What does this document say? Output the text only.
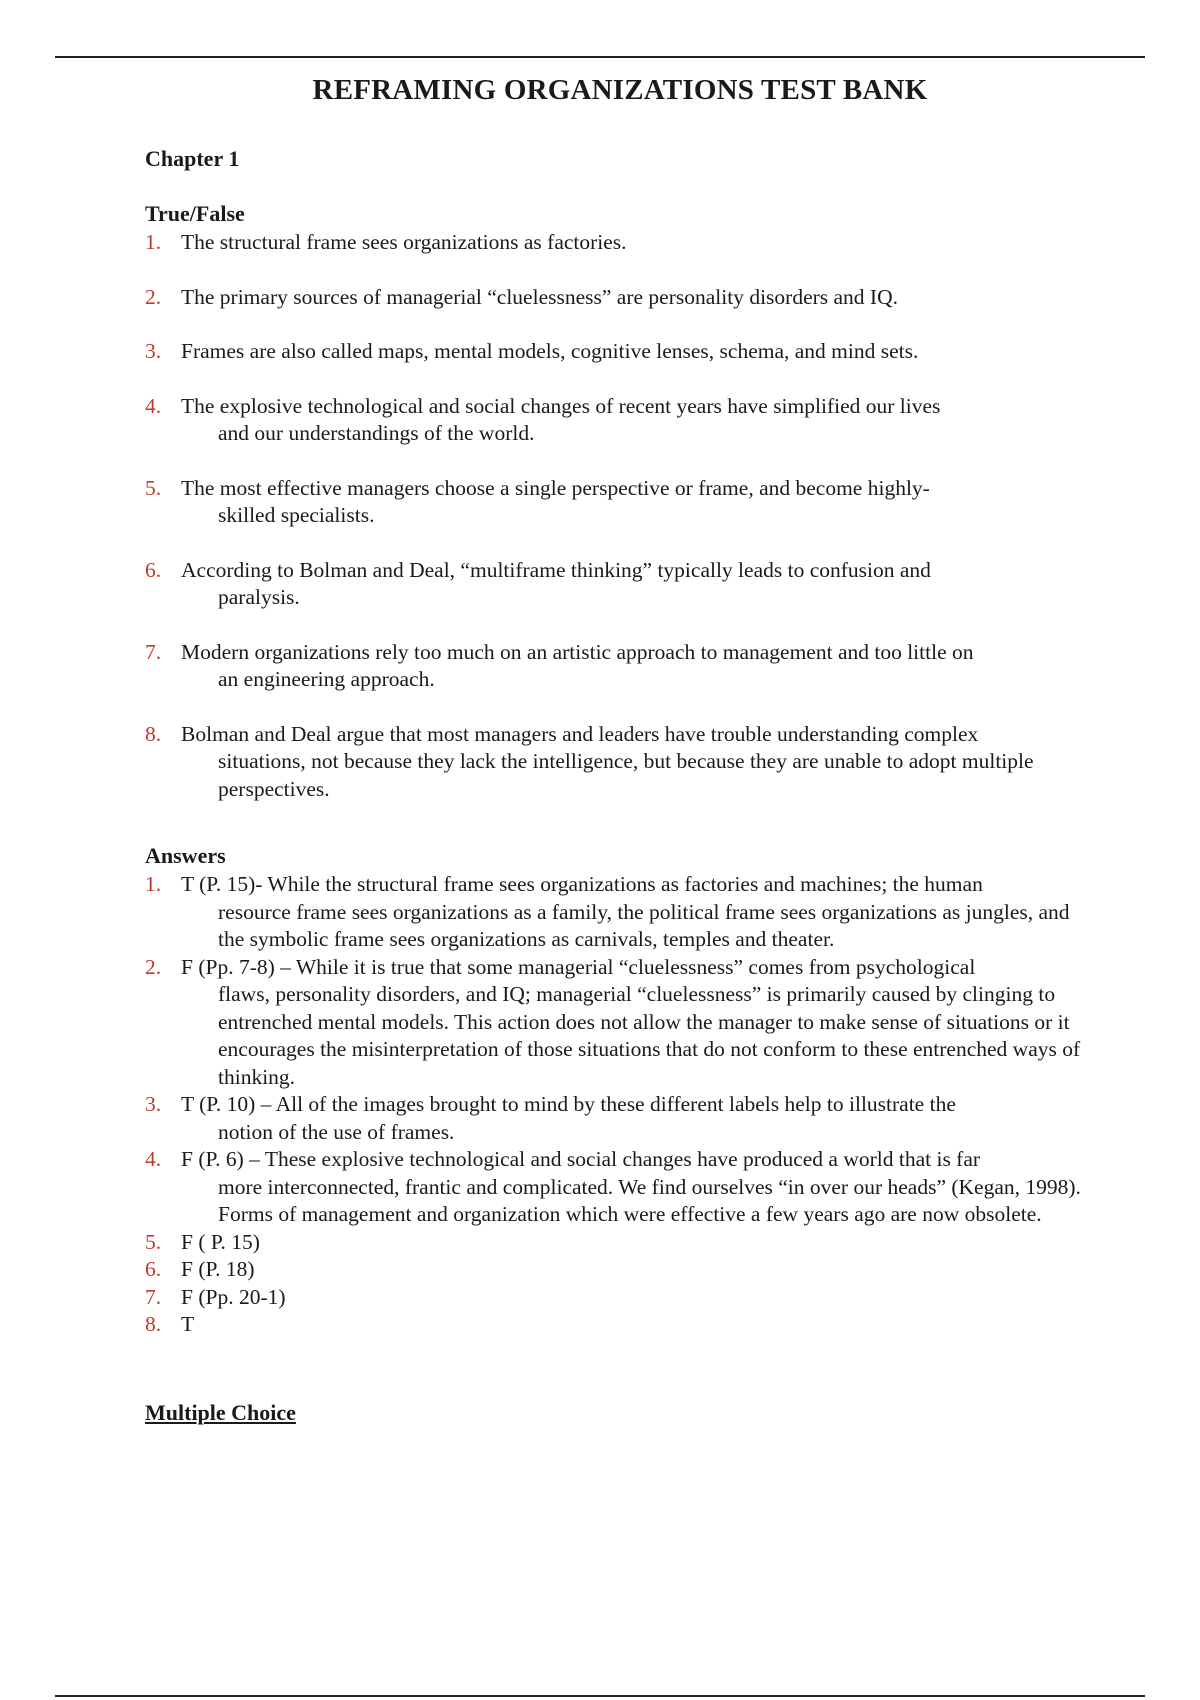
REFRAMING ORGANIZATIONS TEST BANK

Chapter 1

True/False

1. The structural frame sees organizations as factories.
2. The primary sources of managerial “cluelessness” are personality disorders and IQ.
3. Frames are also called maps, mental models, cognitive lenses, schema, and mind sets.
4. The explosive technological and social changes of recent years have simplified our lives
and our understandings of the world.
5. The most effective managers choose a single perspective or frame, and become highly-
skilled specialists.
6. According to Bolman and Deal, “multiframe thinking” typically leads to confusion and
paralysis.
7. Modern organizations rely too much on an artistic approach to management and too little on
an engineering approach.
8. Bolman and Deal argue that most managers and leaders have trouble understanding complex
situations, not because they lack the intelligence, but because they are unable to adopt multiple perspectives.

Answers

1. T (P. 15)- While the structural frame sees organizations as factories and machines; the human
resource frame sees organizations as a family, the political frame sees organizations as jungles, and the symbolic frame sees organizations as carnivals, temples and theater.
2. F (Pp. 7-8) – While it is true that some managerial “cluelessness” comes from psychological
flaws, personality disorders, and IQ; managerial “cluelessness” is primarily caused by clinging to entrenched mental models. This action does not allow the manager to make sense of situations or it encourages the misinterpretation of those situations that do not conform to these entrenched ways of thinking.
3. T (P. 10) – All of the images brought to mind by these different labels help to illustrate the
notion of the use of frames.
4. F (P. 6) – These explosive technological and social changes have produced a world that is far
more interconnected, frantic and complicated. We find ourselves “in over our heads” (Kegan, 1998). Forms of management and organization which were effective a few years ago are now obsolete.
5. F ( P. 15)
6. F (P. 18)
7. F (Pp. 20-1)
8. T

Multiple Choice
